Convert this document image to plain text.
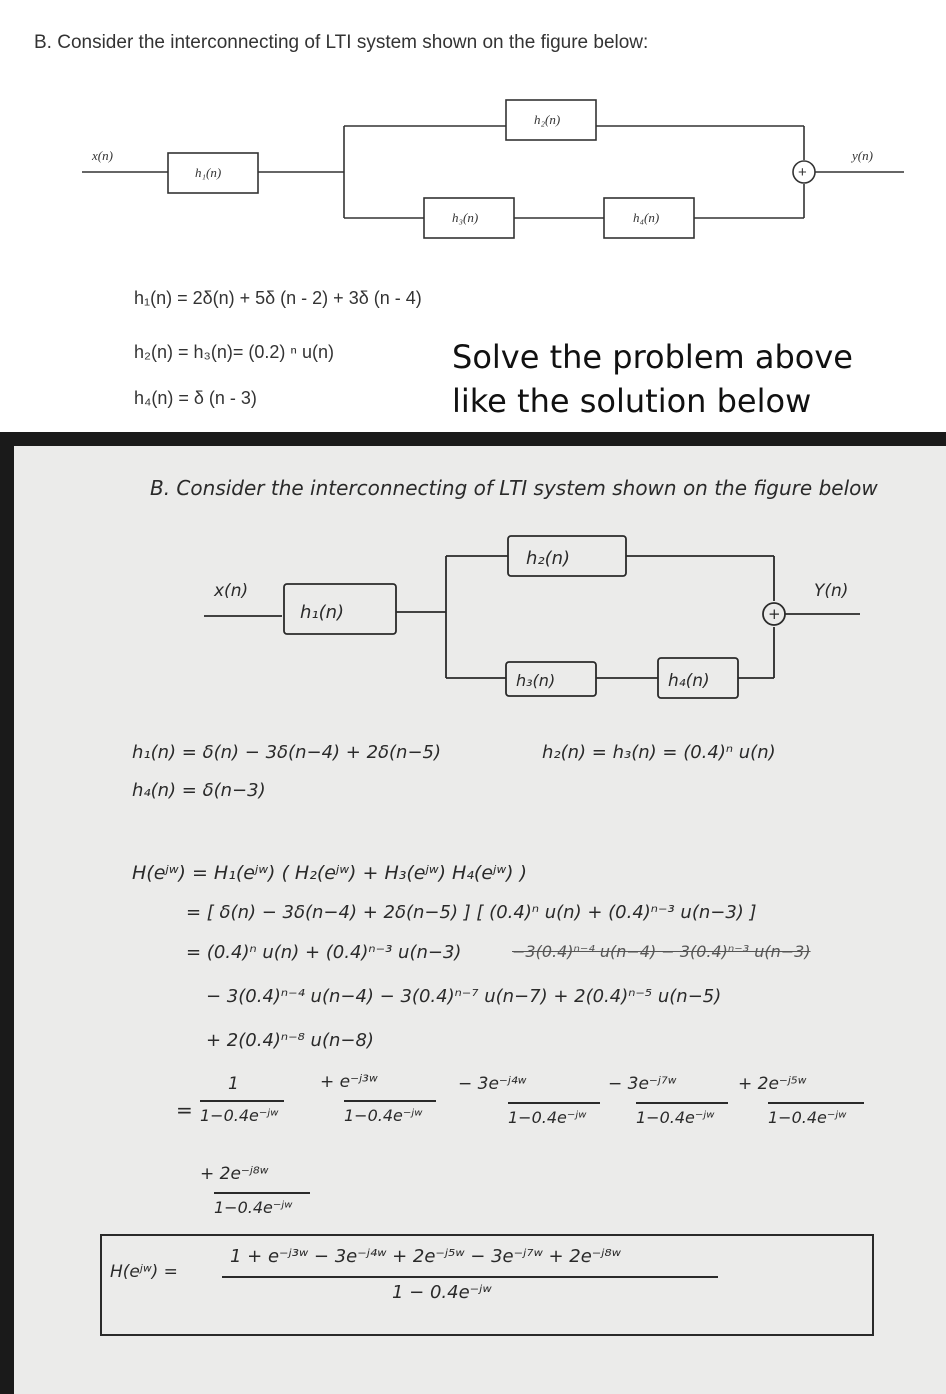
B. Consider the interconnecting of LTI system shown on the figure below:
x(n)
h₁(n)
h₂(n)
h₃(n)	h₄(n)
+
y(n)
h₁(n) = 2δ(n) + 5δ (n - 2) + 3δ (n - 4)
h₂(n) = h₃(n)= (0.2) ⁿ u(n)
h₄(n) = δ (n - 3)
Solve the problem above
like the solution below
B. Consider the interconnecting of LTI system shown on the figure below
x(n)
h₁(n)
h₂(n)
h₃(n)	h₄(n)
+
Y(n)
h₁(n) = δ(n) − 3δ(n−4) + 2δ(n−5)	h₂(n) = h₃(n) = (0.4)ⁿ u(n)
h₄(n) = δ(n−3)
H(eʲʷ) = H₁(eʲʷ) ( H₂(eʲʷ) + H₃(eʲʷ) H₄(eʲʷ) )
= [ δ(n) − 3δ(n−4) + 2δ(n−5) ] [ (0.4)ⁿ u(n) + (0.4)ⁿ⁻³ u(n−3) ]
= (0.4)ⁿ u(n) + (0.4)ⁿ⁻³ u(n−3)	−3(0.4)ⁿ⁻⁴ u(n−4) − 3(0.4)ⁿ⁻³ u(n−3)
− 3(0.4)ⁿ⁻⁴ u(n−4) − 3(0.4)ⁿ⁻⁷ u(n−7) + 2(0.4)ⁿ⁻⁵ u(n−5)
+ 2(0.4)ⁿ⁻⁸ u(n−8)
=
1
1−0.4e⁻ʲʷ
+ e⁻ʲ³ʷ
1−0.4e⁻ʲʷ
− 3e⁻ʲ⁴ʷ
1−0.4e⁻ʲʷ
− 3e⁻ʲ⁷ʷ
1−0.4e⁻ʲʷ
+ 2e⁻ʲ⁵ʷ
1−0.4e⁻ʲʷ
+ 2e⁻ʲ⁸ʷ
1−0.4e⁻ʲʷ
H(eʲʷ) =
1 + e⁻ʲ³ʷ − 3e⁻ʲ⁴ʷ + 2e⁻ʲ⁵ʷ − 3e⁻ʲ⁷ʷ + 2e⁻ʲ⁸ʷ
1 − 0.4e⁻ʲʷ
